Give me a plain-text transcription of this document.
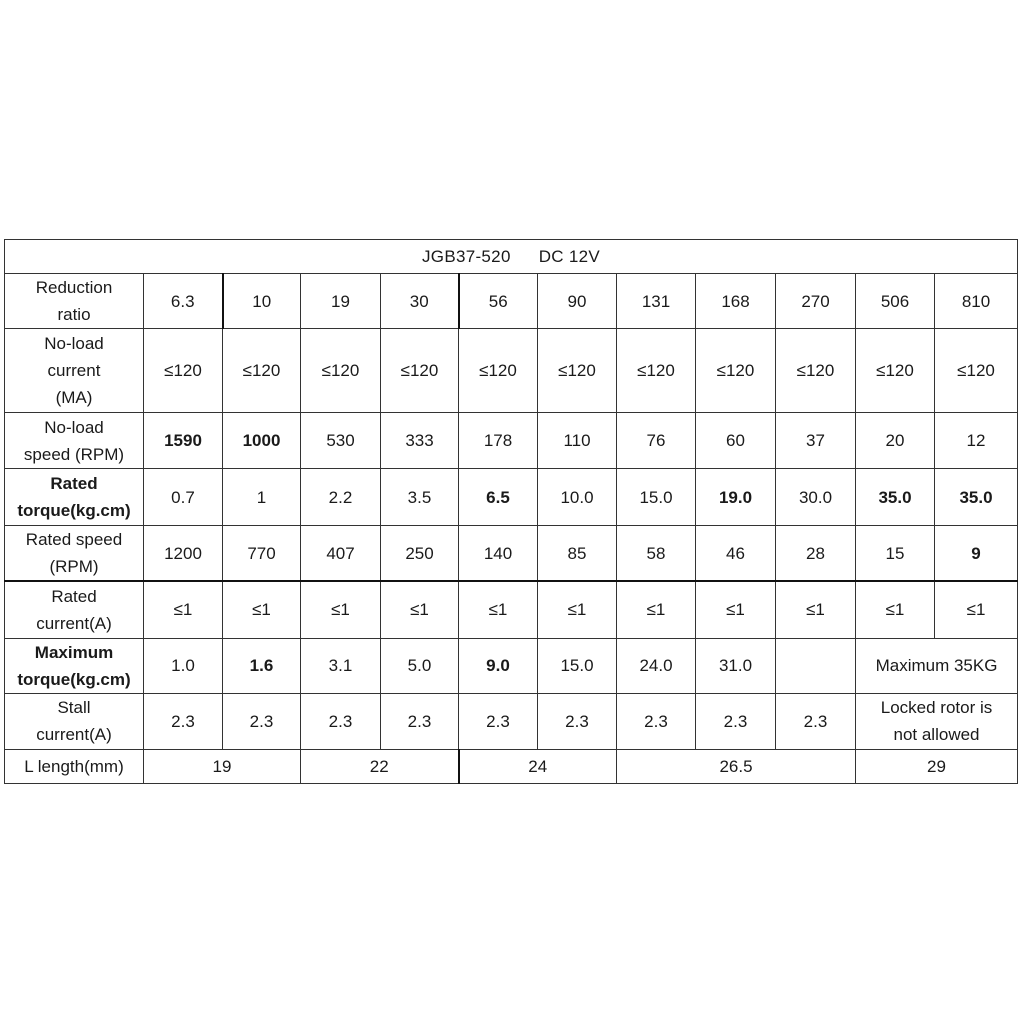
JGB37-520 DC 12V											

Reduction
ratio	6.3	10	19	30	56	90	131	168	270	506	810

No-load
current
(MA)	≤120	≤120	≤120	≤120	≤120	≤120	≤120	≤120	≤120	≤120	≤120

No-load
speed (RPM)	1590	1000	530	333	178	110	76	60	37	20	12

Rated
torque(kg.cm)	0.7	1	2.2	3.5	6.5	10.0	15.0	19.0	30.0	35.0	35.0

Rated speed
(RPM)	1200	770	407	250	140	85	58	46	28	15	9

Rated
current(A)	≤1	≤1	≤1	≤1	≤1	≤1	≤1	≤1	≤1	≤1	≤1

Maximum
torque(kg.cm)	1.0	1.6	3.1	5.0	9.0	15.0	24.0	31.0		Maximum 35KG	

Stall
current(A)	2.3	2.3	2.3	2.3	2.3	2.3	2.3	2.3	2.3	Locked rotor is
not allowed	

L length(mm)	19		22		24		26.5			29	
